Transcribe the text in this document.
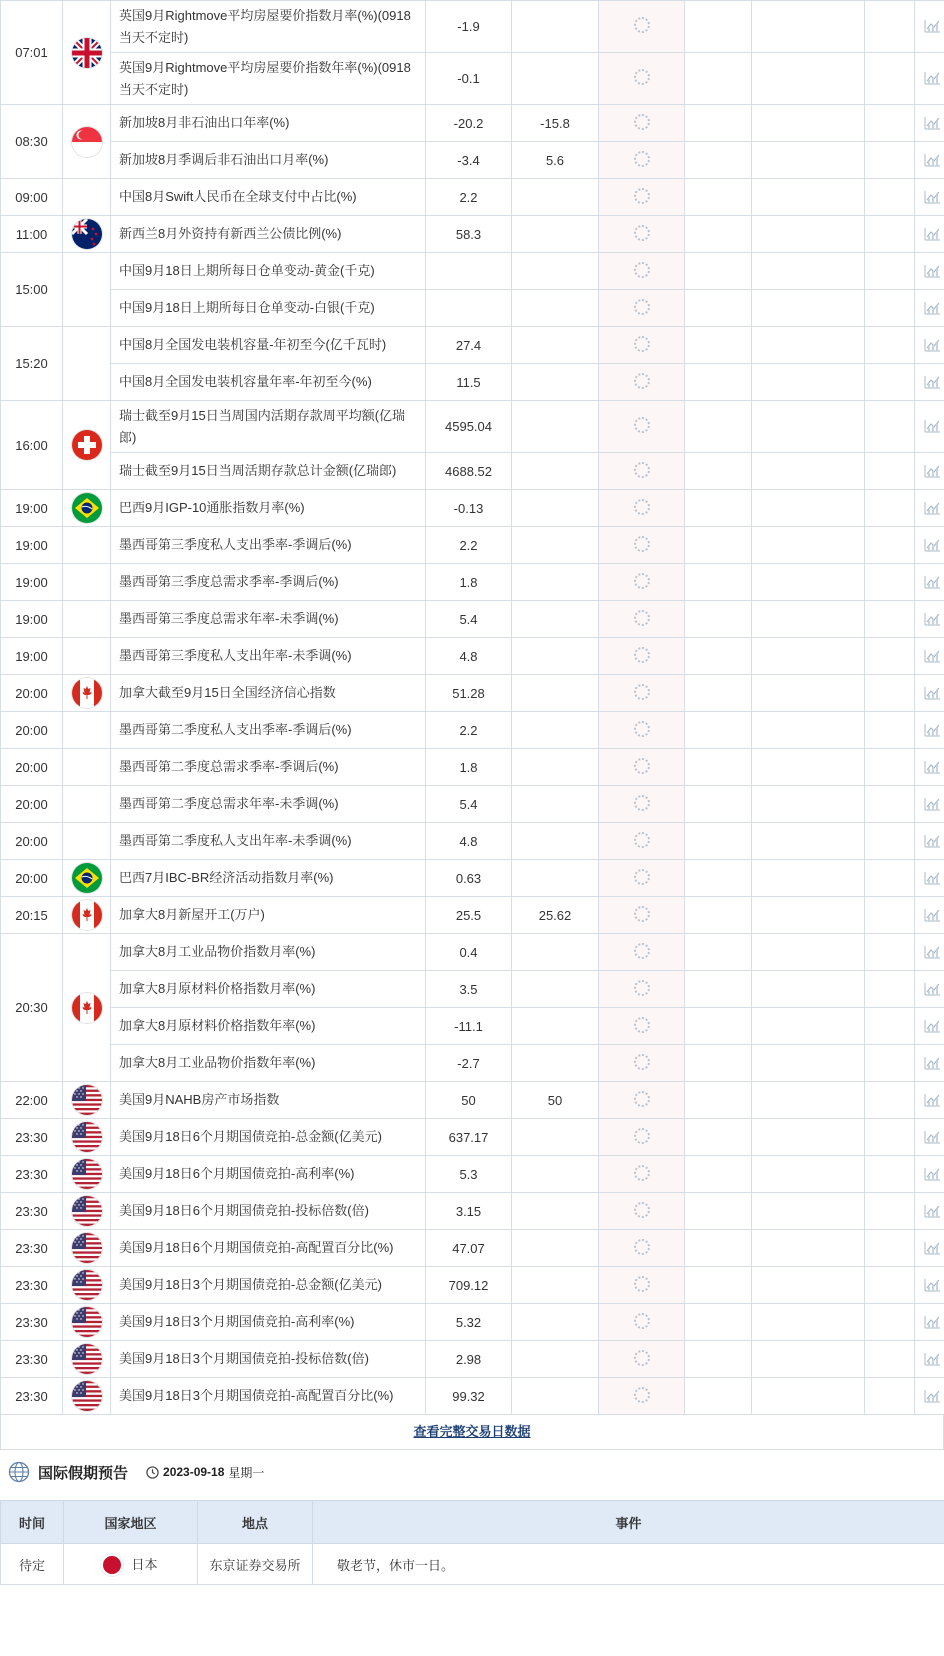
07:01		英国9月Rightmove平均房屋要价指数月率(%)(0918当天不定时)	-1.9						
		英国9月Rightmove平均房屋要价指数年率(%)(0918当天不定时)	-0.1						
08:30		新加坡8月非石油出口年率(%)	-20.2	-15.8					
		新加坡8月季调后非石油出口月率(%)	-3.4	5.6					
09:00		中国8月Swift人民币在全球支付中占比(%)	2.2						
11:00		新西兰8月外资持有新西兰公债比例(%)	58.3						
15:00		中国9月18日上期所每日仓单变动-黄金(千克)							
		中国9月18日上期所每日仓单变动-白银(千克)							
15:20		中国8月全国发电装机容量-年初至今(亿千瓦时)	27.4						
		中国8月全国发电装机容量年率-年初至今(%)	11.5						
16:00		瑞士截至9月15日当周国内活期存款周平均额(亿瑞郎)	4595.04						
		瑞士截至9月15日当周活期存款总计金额(亿瑞郎)	4688.52						
19:00		巴西9月IGP-10通胀指数月率(%)	-0.13						
19:00		墨西哥第三季度私人支出季率-季调后(%)	2.2						
19:00		墨西哥第三季度总需求季率-季调后(%)	1.8						
19:00		墨西哥第三季度总需求年率-未季调(%)	5.4						
19:00		墨西哥第三季度私人支出年率-未季调(%)	4.8						
20:00		加拿大截至9月15日全国经济信心指数	51.28						
20:00		墨西哥第二季度私人支出季率-季调后(%)	2.2						
20:00		墨西哥第二季度总需求季率-季调后(%)	1.8						
20:00		墨西哥第二季度总需求年率-未季调(%)	5.4						
20:00		墨西哥第二季度私人支出年率-未季调(%)	4.8						
20:00		巴西7月IBC-BR经济活动指数月率(%)	0.63						
20:15		加拿大8月新屋开工(万户)	25.5	25.62					
20:30		加拿大8月工业品物价指数月率(%)	0.4						
		加拿大8月原材料价格指数月率(%)	3.5						
		加拿大8月原材料价格指数年率(%)	-11.1						
		加拿大8月工业品物价指数年率(%)	-2.7						
22:00		美国9月NAHB房产市场指数	50	50					
23:30		美国9月18日6个月期国债竞拍-总金额(亿美元)	637.17						
23:30		美国9月18日6个月期国债竞拍-高利率(%)	5.3						
23:30		美国9月18日6个月期国债竞拍-投标倍数(倍)	3.15						
23:30		美国9月18日6个月期国债竞拍-高配置百分比(%)	47.07						
23:30		美国9月18日3个月期国债竞拍-总金额(亿美元)	709.12						
23:30		美国9月18日3个月期国债竞拍-高利率(%)	5.32						
23:30		美国9月18日3个月期国债竞拍-投标倍数(倍)	2.98						
23:30		美国9月18日3个月期国债竞拍-高配置百分比(%)	99.32						
查看完整交易日数据
国际假期预告	2023-09-18 星期一
时间	国家地区	地点	事件
待定	日本	东京证券交易所	敬老节，休市一日。
